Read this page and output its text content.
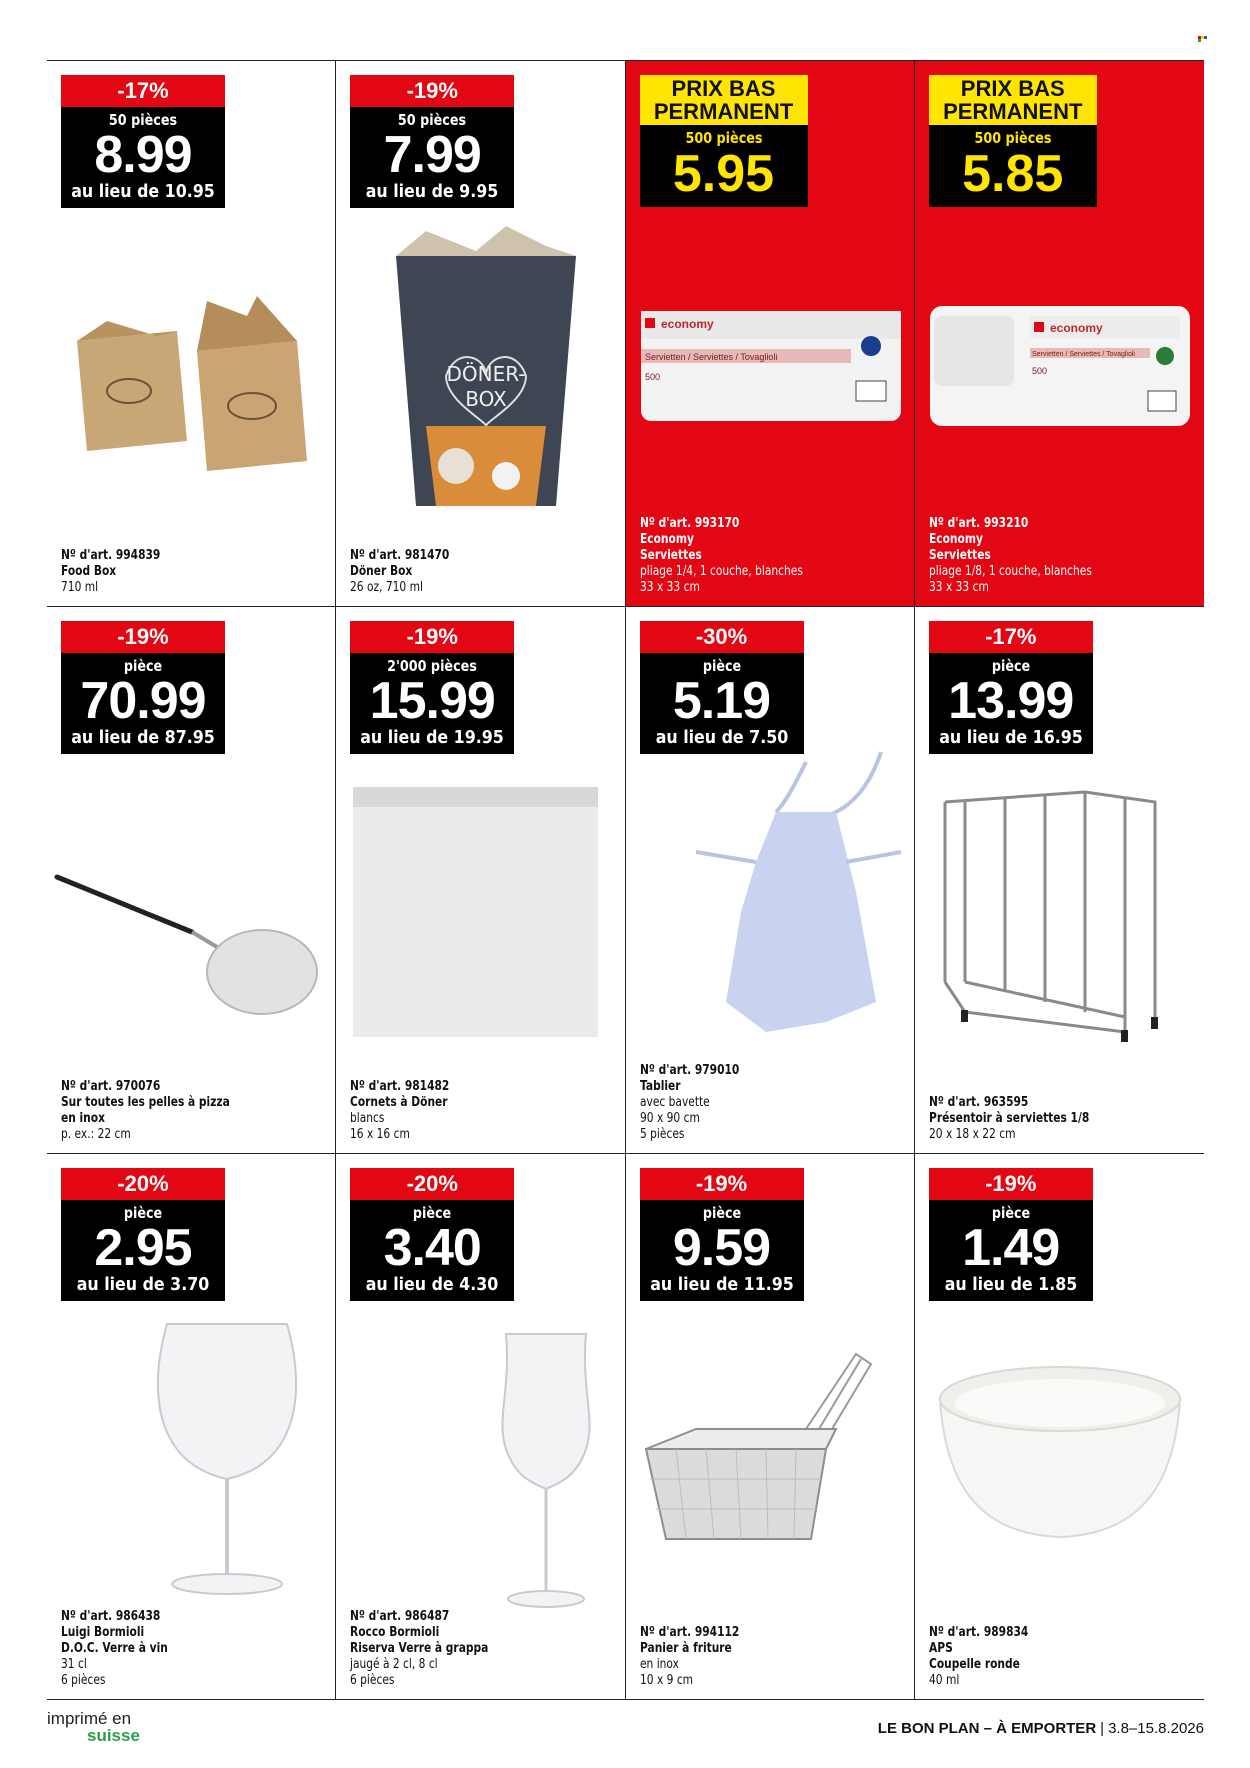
-17%
50 pièces
8.99
au lieu de 10.95
Nº d'art. 994839
Food Box
710 ml
-19%
50 pièces
7.99
au lieu de 9.95
DÖNER-
BOX
Nº d'art. 981470
Döner Box
26 oz, 710 ml
PRIX BAS
PERMANENT
500 pièces
5.95
economy
Servietten / Serviettes / Tovaglioli
500
Nº d'art. 993170
Economy
Serviettes
pliage 1/4, 1 couche, blanches
33 x 33 cm
PRIX BAS
PERMANENT
500 pièces
5.85
economy
Servietten / Serviettes / Tovaglioli
500
Nº d'art. 993210
Economy
Serviettes
pliage 1/8, 1 couche, blanches
33 x 33 cm
-19%
pièce
70.99
au lieu de 87.95
Nº d'art. 970076
Sur toutes les pelles à pizza
en inox
p. ex.: 22 cm
-19%
2'000 pièces
15.99
au lieu de 19.95
Nº d'art. 981482
Cornets à Döner
blancs
16 x 16 cm
-30%
pièce
5.19
au lieu de 7.50
Nº d'art. 979010
Tablier
avec bavette
90 x 90 cm
5 pièces
-17%
pièce
13.99
au lieu de 16.95
Nº d'art. 963595
Présentoir à serviettes 1/8
20 x 18 x 22 cm
-20%
pièce
2.95
au lieu de 3.70
Nº d'art. 986438
Luigi Bormioli
D.O.C. Verre à vin
31 cl
6 pièces
-20%
pièce
3.40
au lieu de 4.30
Nº d'art. 986487
Rocco Bormioli
Riserva Verre à grappa
jaugé à 2 cl, 8 cl
6 pièces
-19%
pièce
9.59
au lieu de 11.95
Nº d'art. 994112
Panier à friture
en inox
10 x 9 cm
-19%
pièce
1.49
au lieu de 1.85
Nº d'art. 989834
APS
Coupelle ronde
40 ml
imprimé en
suisse	LE BON PLAN – À EMPORTER | 3.8–15.8.2026
